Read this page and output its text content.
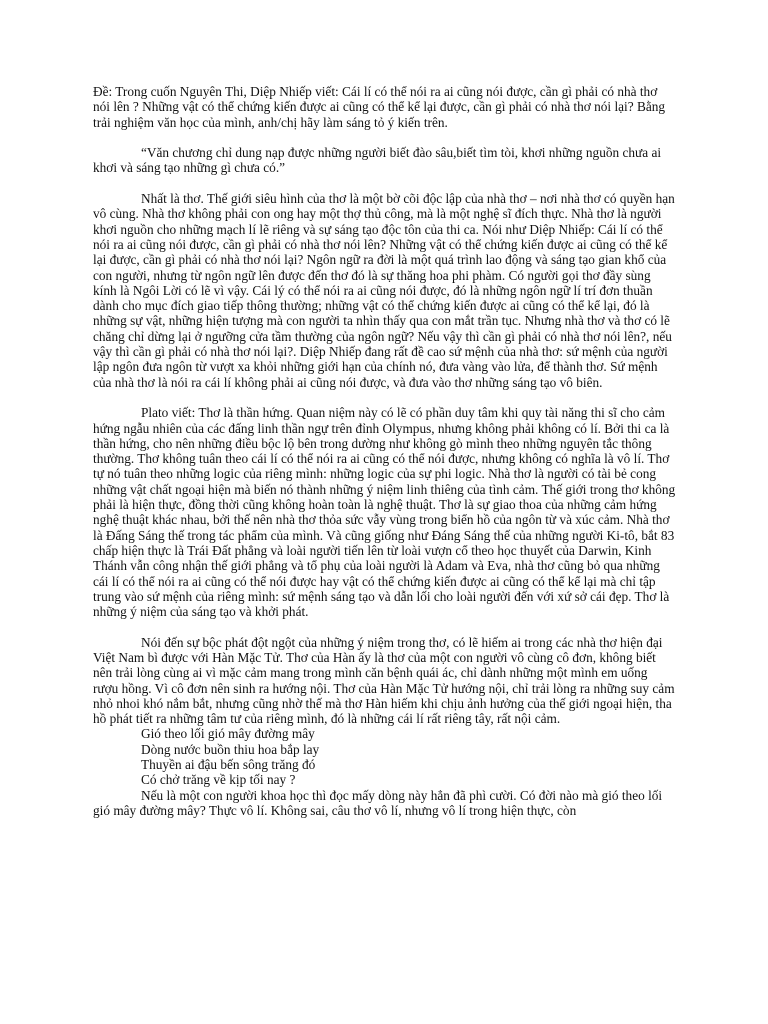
Đề: Trong cuốn Nguyên Thi, Diệp Nhiếp viết: Cái lí có thể nói ra ai cũng nói được, cần gì phải có nhà thơ nói lên ? Những vật có thể chứng kiến được ai cũng có thể kể lại được, cần gì phải có nhà thơ nói lại? Bằng trải nghiệm văn học của mình, anh/chị hãy làm sáng tỏ ý kiến trên.

“Văn chương chỉ dung nạp được những người biết đào sâu,biết tìm tòi, khơi những nguồn chưa ai khơi và sáng tạo những gì chưa có.”

Nhất là thơ. Thế giới siêu hình của thơ là một bờ cõi độc lập của nhà thơ – nơi nhà thơ có quyền hạn vô cùng. Nhà thơ không phải con ong hay một thợ thủ công, mà là một nghệ sĩ đích thực. Nhà thơ là người khơi nguồn cho những mạch lí lẽ riêng và sự sáng tạo độc tôn của thi ca. Nói như Diệp Nhiếp: Cái lí có thể nói ra ai cũng nói được, cần gì phải có nhà thơ nói lên? Những vật có thể chứng kiến được ai cũng có thể kể lại được, cần gì phải có nhà thơ nói lại? Ngôn ngữ ra đời là một quá trình lao động và sáng tạo gian khổ của con người, nhưng từ ngôn ngữ lên được đến thơ đó là sự thăng hoa phi phàm. Có người gọi thơ đầy sùng kính là Ngôi Lời có lẽ vì vậy. Cái lý có thể nói ra ai cũng nói được, đó là những ngôn ngữ lí trí đơn thuần dành cho mục đích giao tiếp thông thường; những vật có thể chứng kiến được ai cũng có thể kể lại, đó là những sự vật, những hiện tượng mà con người ta nhìn thấy qua con mắt trần tục. Nhưng nhà thơ và thơ có lẽ chăng chỉ dừng lại ở ngưỡng cửa tầm thường của ngôn ngữ? Nếu vậy thì cần gì phải có nhà thơ nói lên?, nếu vậy thì cần gì phải có nhà thơ nói lại?. Diệp Nhiếp đang rất đề cao sứ mệnh của nhà thơ: sứ mệnh của người lập ngôn đưa ngôn từ vượt xa khỏi những giới hạn của chính nó, đưa vàng vào lửa, để thành thơ. Sứ mệnh của nhà thơ là nói ra cái lí không phải ai cũng nói được, và đưa vào thơ những sáng tạo vô biên.

Plato viết: Thơ là thần hứng. Quan niệm này có lẽ có phần duy tâm khi quy tài năng thi sĩ cho cảm hứng ngẫu nhiên của các đấng linh thần ngự trên đỉnh Olympus, nhưng không phải không có lí. Bởi thi ca là thần hứng, cho nên những điều bộc lộ bên trong dường như không gò mình theo những nguyên tắc thông thường. Thơ không tuân theo cái lí có thể nói ra ai cũng có thể nói được, nhưng không có nghĩa là vô lí. Thơ tự nó tuân theo những logic của riêng mình: những logic của sự phi logic. Nhà thơ là người có tài bẻ cong những vật chất ngoại hiện mà biến nó thành những ý niệm linh thiêng của tình cảm. Thế giới trong thơ không phải là hiện thực, đồng thời cũng không hoàn toàn là nghệ thuật. Thơ là sự giao thoa của những cảm hứng nghệ thuật khác nhau, bởi thế nên nhà thơ thỏa sức vẫy vùng trong biển hồ của ngôn từ và xúc cảm. Nhà thơ là Đấng Sáng thế trong tác phẩm của mình. Và cũng giống như Đáng Sáng thế của những người Ki-tô, bắt 83 chấp hiện thực là Trái Đất phẳng và loài người tiến lên từ loài vượn cổ theo học thuyết của Darwin, Kinh Thánh vẫn công nhận thế giới phẳng và tổ phụ của loài người là Adam và Eva, nhà thơ cũng bỏ qua những cái lí có thể nói ra ai cũng có thể nói được hay vật có thể chứng kiến được ai cũng có thể kể lại mà chỉ tập trung vào sứ mệnh của riêng mình: sứ mệnh sáng tạo và dẫn lối cho loài người đến với xứ sở cái đẹp. Thơ là những ý niệm của sáng tạo và khởi phát.

Nói đến sự bộc phát đột ngột của những ý niệm trong thơ, có lẽ hiếm ai trong các nhà thơ hiện đại Việt Nam bì được với Hàn Mặc Tử. Thơ của Hàn ấy là thơ của một con người vô cùng cô đơn, không biết nên trải lòng cùng ai vì mặc cảm mang trong mình căn bệnh quái ác, chỉ dành những một mình em uống rượu hồng. Vì cô đơn nên sinh ra hướng nội. Thơ của Hàn Mặc Tử hướng nội, chỉ trải lòng ra những suy cảm nhỏ nhoi khó nắm bắt, nhưng cũng nhờ thế mà thơ Hàn hiếm khi chịu ảnh hưởng của thế giới ngoại hiện, tha hồ phát tiết ra những tâm tư của riêng mình, đó là những cái lí rất riêng tây, rất nội cảm.

Gió theo lối gió mây đường mây

Dòng nước buồn thiu hoa bắp lay

Thuyền ai đậu bến sông trăng đó

Có chở trăng về kịp tối nay ?

Nếu là một con người khoa học thì đọc mấy dòng này hẳn đã phì cười. Có đời nào mà gió theo lối gió mây đường mây? Thực vô lí. Không sai, câu thơ vô lí, nhưng vô lí trong hiện thực, còn
